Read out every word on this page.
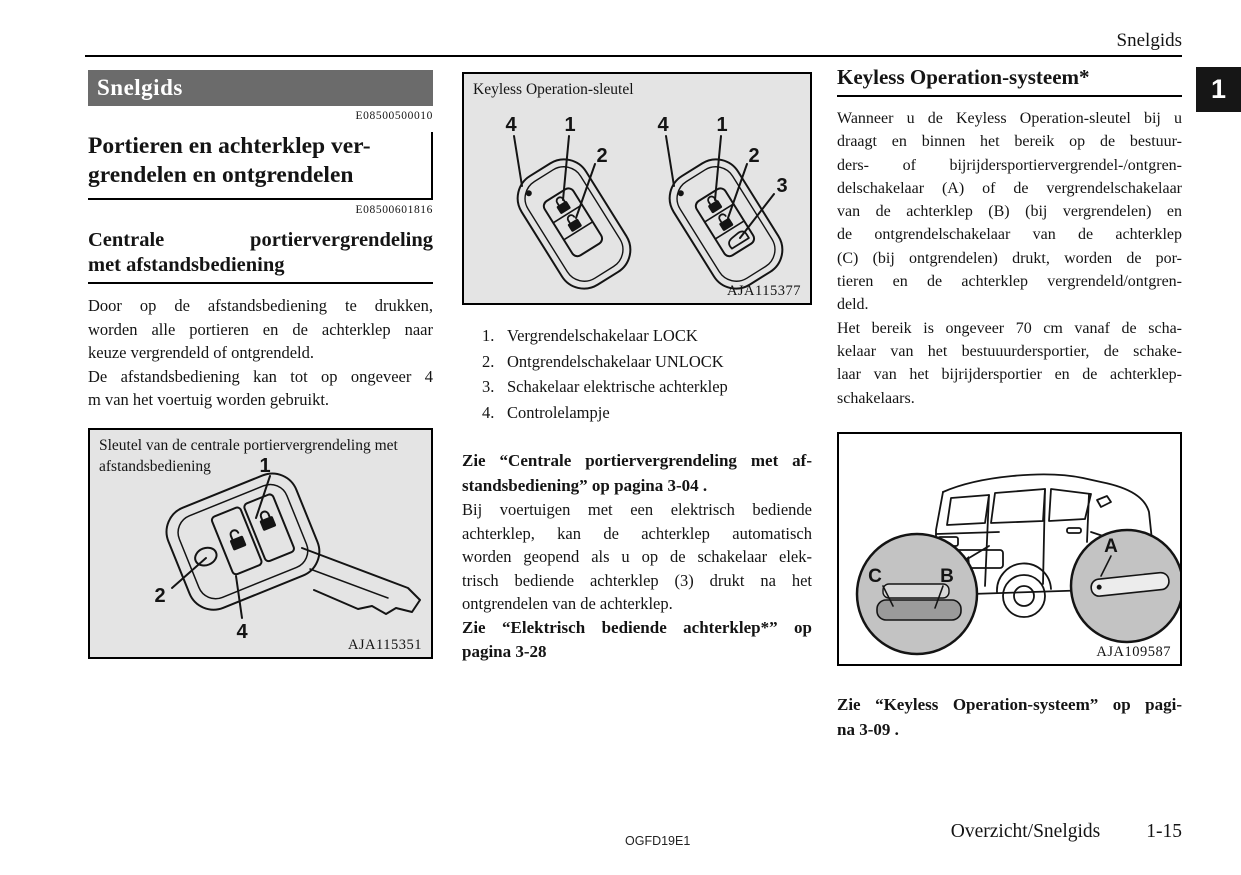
Snelgids
1
Snelgids
E08500500010
Portieren en achterklep ver-
grendelen en ontgrendelen
E08500601816
Centrale portiervergrendeling
met afstandsbediening
Door op de afstandsbediening te drukken,
worden alle portieren en de achterklep naar
keuze vergrendeld of ontgrendeld.
De afstandsbediening kan tot op ongeveer 4
m van het voertuig worden gebruikt.
Sleutel van de centrale portiervergrendeling met
afstandsbediening	1
2
4
AJA115351
Keyless Operation-sleutel
4 1
2
4 1
2
3
AJA115377
1. Vergrendelschakelaar LOCK
2. Ontgrendelschakelaar UNLOCK
3. Schakelaar elektrische achterklep
4. Controlelampje
Zie “Centrale portiervergrendeling met af-
standsbediening” op pagina 3-04 .
Bij voertuigen met een elektrisch bediende
achterklep, kan de achterklep automatisch
worden geopend als u op de schakelaar elek-
trisch bediende achterklep (3) drukt na het
ontgrendelen van de achterklep.
Zie “Elektrisch bediende achterklep*” op
pagina 3-28
Keyless Operation-systeem*
Wanneer u de Keyless Operation-sleutel bij u
draagt en binnen het bereik op de bestuur-
ders- of bijrijdersportiervergrendel-/ontgren-
delschakelaar (A) of de vergrendelschakelaar
van de achterklep (B) (bij vergrendelen) en
de ontgrendelschakelaar van de achterklep
(C) (bij ontgrendelen) drukt, worden de por-
tieren en de achterklep vergrendeld/ontgren-
deld.
Het bereik is ongeveer 70 cm vanaf de scha-
kelaar van het bestuuurdersportier, de schake-
laar van het bijrijdersportier en de achterklep-
schakelaars.
C	B
A
AJA109587
Zie “Keyless Operation-systeem” op pagi-
na 3-09 .
OGFD19E1	Overzicht/Snelgids 1-15
